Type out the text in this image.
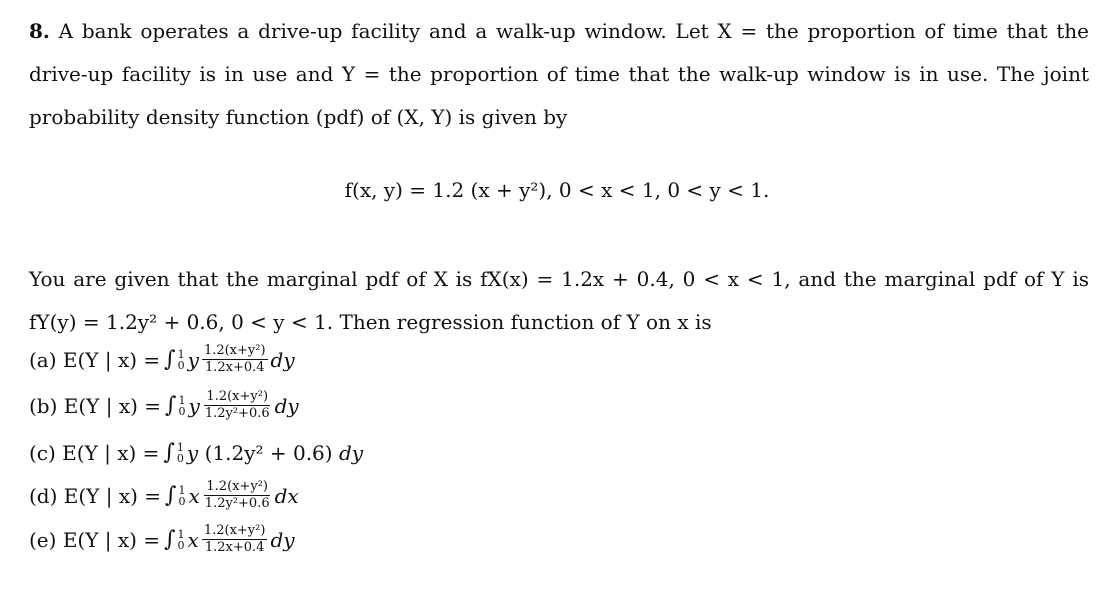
8. A bank operates a drive-up facility and a walk-up window. Let X = the proportion of time that the
drive-up facility is in use and Y = the proportion of time that the walk-up window is in use. The joint
probability density function (pdf) of (X, Y) is given by
f(x, y) = 1.2 (x + y²), 0 < x < 1, 0 < y < 1.
You are given that the marginal pdf of X is fX(x) = 1.2x + 0.4, 0 < x < 1, and the marginal pdf of Y is
fY(y) = 1.2y² + 0.6, 0 < y < 1. Then regression function of Y on x is
(a)
E(Y | x) = ∫ 1
0 y $\frac{\text{1.2(x+y²)}}{1.2x+0.4}$ dy
(b)
E(Y | x) = ∫ 1
0 y $\frac{\text{1.2(x+y²)}}{\text{1.2y²+0.6}}$ dy
(c)
E(Y | x) = ∫ 1
0 y
(1.2y² + 0.6)
dy
(d)
E(Y | x) = ∫ 1
0 x $\frac{\text{1.2(x+y²)}}{\text{1.2y²+0.6}}$ dx
(e)
E(Y | x) = ∫ 1
0 x $\frac{\text{1.2(x+y²)}}{1.2x+0.4}$ dy
